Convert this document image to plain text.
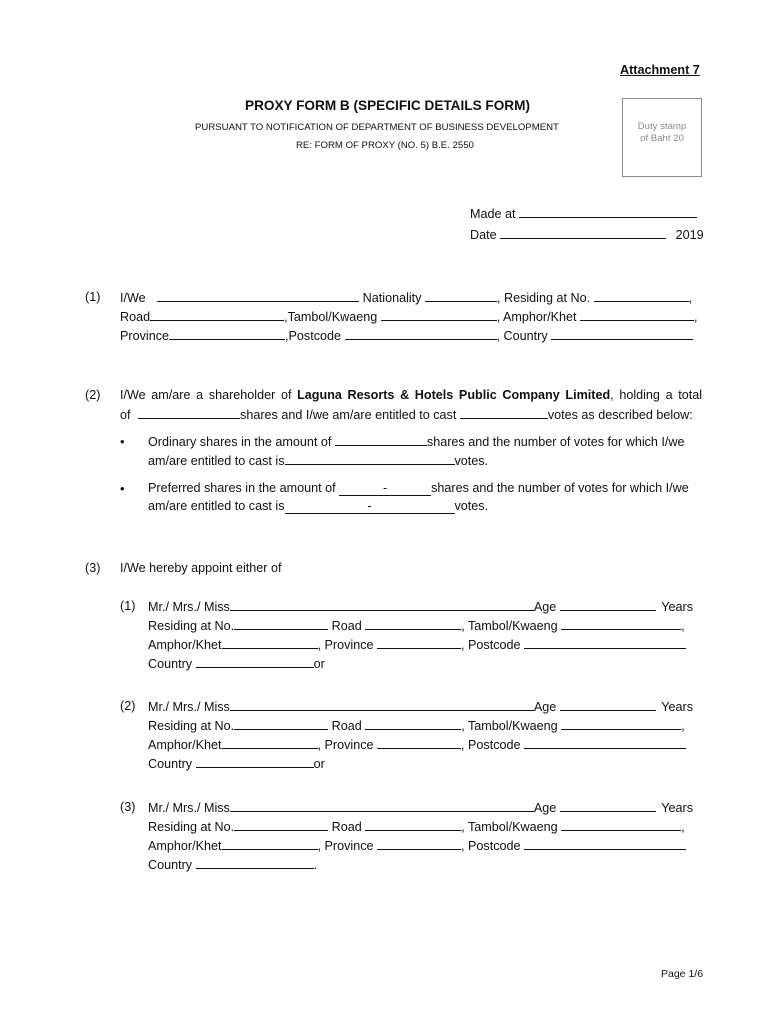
Attachment 7
PROXY FORM B (SPECIFIC DETAILS FORM)
PURSUANT TO NOTIFICATION OF DEPARTMENT OF BUSINESS DEVELOPMENT
RE: FORM OF PROXY (NO. 5) B.E. 2550
Duty stamp
of Baht 20
Made at
Date	2019
(1) I/We	Nationality	, Residing at No.	,
Road	,Tambol/Kwaeng	, Amphor/Khet	,
Province	,Postcode	, Country
(2) I/We am/are a shareholder of Laguna Resorts & Hotels Public Company Limited, holding a total
of	shares and I/we am/are entitled to cast	votes as described below:
• Ordinary shares in the amount of	shares and the number of votes for which I/we
am/are entitled to cast is	votes.
• Preferred shares in the amount of	-	shares and the number of votes for which I/we
am/are entitled to cast is	-	votes.
(3) I/We hereby appoint either of
(1) Mr./ Mrs./ Miss	Age	Years
Residing at No.	Road	, Tambol/Kwaeng	,
Amphor/Khet	, Province	, Postcode
Country	or
(2) Mr./ Mrs./ Miss	Age	Years
Residing at No.	Road	, Tambol/Kwaeng	,
Amphor/Khet	, Province	, Postcode
Country	or
(3) Mr./ Mrs./ Miss	Age	Years
Residing at No.	Road	, Tambol/Kwaeng	,
Amphor/Khet	, Province	, Postcode
Country	.
Page 1/6
